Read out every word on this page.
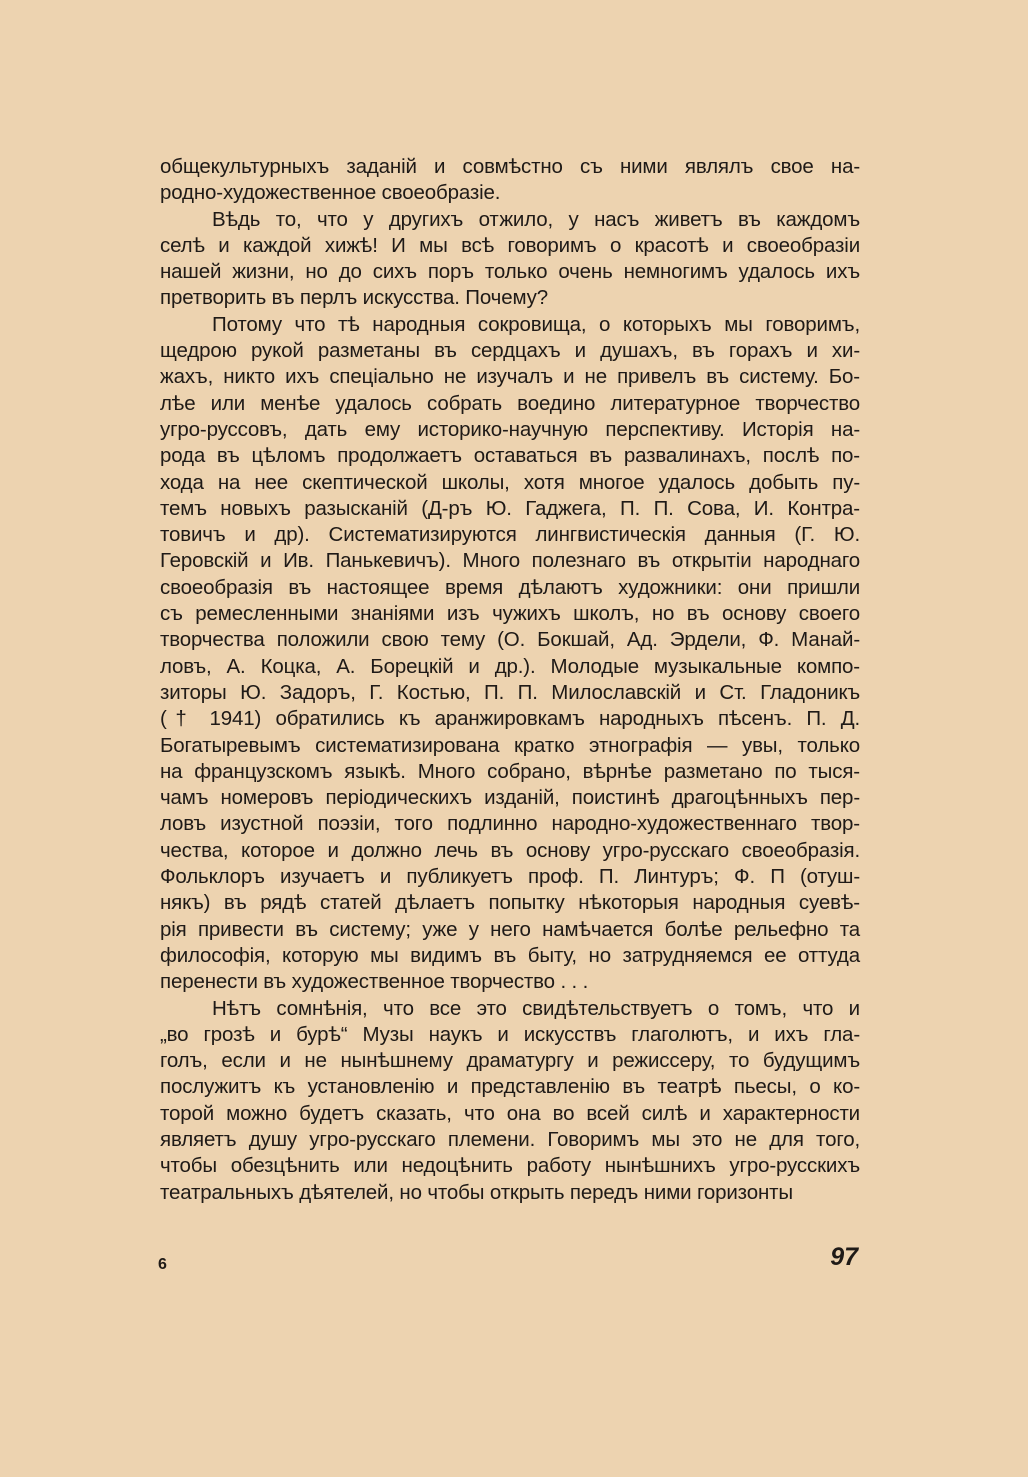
общекультурныхъ заданій и совмѣстно съ ними являлъ свое на-
родно-художественное своеобразіе.
Вѣдь то, что у другихъ отжило, у насъ живетъ въ каждомъ
селѣ и каждой хижѣ! И мы всѣ говоримъ о красотѣ и своеобразіи
нашей жизни, но до сихъ поръ только очень немногимъ удалось ихъ
претворить въ перлъ искусства. Почему?
Потому что тѣ народныя сокровища, о которыхъ мы говоримъ,
щедрою рукой разметаны въ сердцахъ и душахъ, въ горахъ и хи-
жахъ, никто ихъ спеціально не изучалъ и не привелъ въ систему. Бо-
лѣе или менѣе удалось собрать воедино литературное творчество
угро-руссовъ, дать ему историко-научную перспективу. Исторія на-
рода въ цѣломъ продолжаетъ оставаться въ развалинахъ, послѣ по-
хода на нее скептической школы, хотя многое удалось добыть пу-
темъ новыхъ разысканій (Д-ръ Ю. Гаджега, П. П. Сова, И. Контра-
товичъ и др). Систематизируются лингвистическія данныя (Г. Ю.
Геровскій и Ив. Панькевичъ). Много полезнаго въ открытіи народнаго
своеобразія въ настоящее время дѣлаютъ художники: они пришли
съ ремесленными знаніями изъ чужихъ школъ, но въ основу своего
творчества положили свою тему (О. Бокшай, Ад. Эрдели, Ф. Манай-
ловъ, А. Коцка, А. Борецкій и др.). Молодые музыкальные компо-
зиторы Ю. Задоръ, Г. Костью, П. П. Милославскій и Ст. Гладоникъ
(† 1941) обратились къ аранжировкамъ народныхъ пѣсенъ. П. Д.
Богатыревымъ систематизирована кратко этнографія — увы, только
на французскомъ языкѣ. Много собрано, вѣрнѣе разметано по тыся-
чамъ номеровъ періодическихъ изданій, поистинѣ драгоцѣнныхъ пер-
ловъ изустной поэзіи, того подлинно народно-художественнаго твор-
чества, которое и должно лечь въ основу угро-русскаго своеобразія.
Фольклоръ изучаетъ и публикуетъ проф. П. Линтуръ; Ф. П (отуш-
някъ) въ рядѣ статей дѣлаетъ попытку нѣкоторыя народныя суевѣ-
рія привести въ систему; уже у него намѣчается болѣе рельефно та
философія, которую мы видимъ въ быту, но затрудняемся ее оттуда
перенести въ художественное творчество . . .
Нѣтъ сомнѣнія, что все это свидѣтельствуетъ о томъ, что и
„во грозѣ и бурѣ“ Музы наукъ и искусствъ глаголютъ, и ихъ гла-
голъ, если и не нынѣшнему драматургу и режиссеру, то будущимъ
послужитъ къ установленію и представленію въ театрѣ пьесы, о ко-
торой можно будетъ сказать, что она во всей силѣ и характерности
являетъ душу угро-русскаго племени. Говоримъ мы это не для того,
чтобы обезцѣнить или недоцѣнить работу нынѣшнихъ угро-русскихъ
театральныхъ дѣятелей, но чтобы открыть передъ ними горизонты
6	97
